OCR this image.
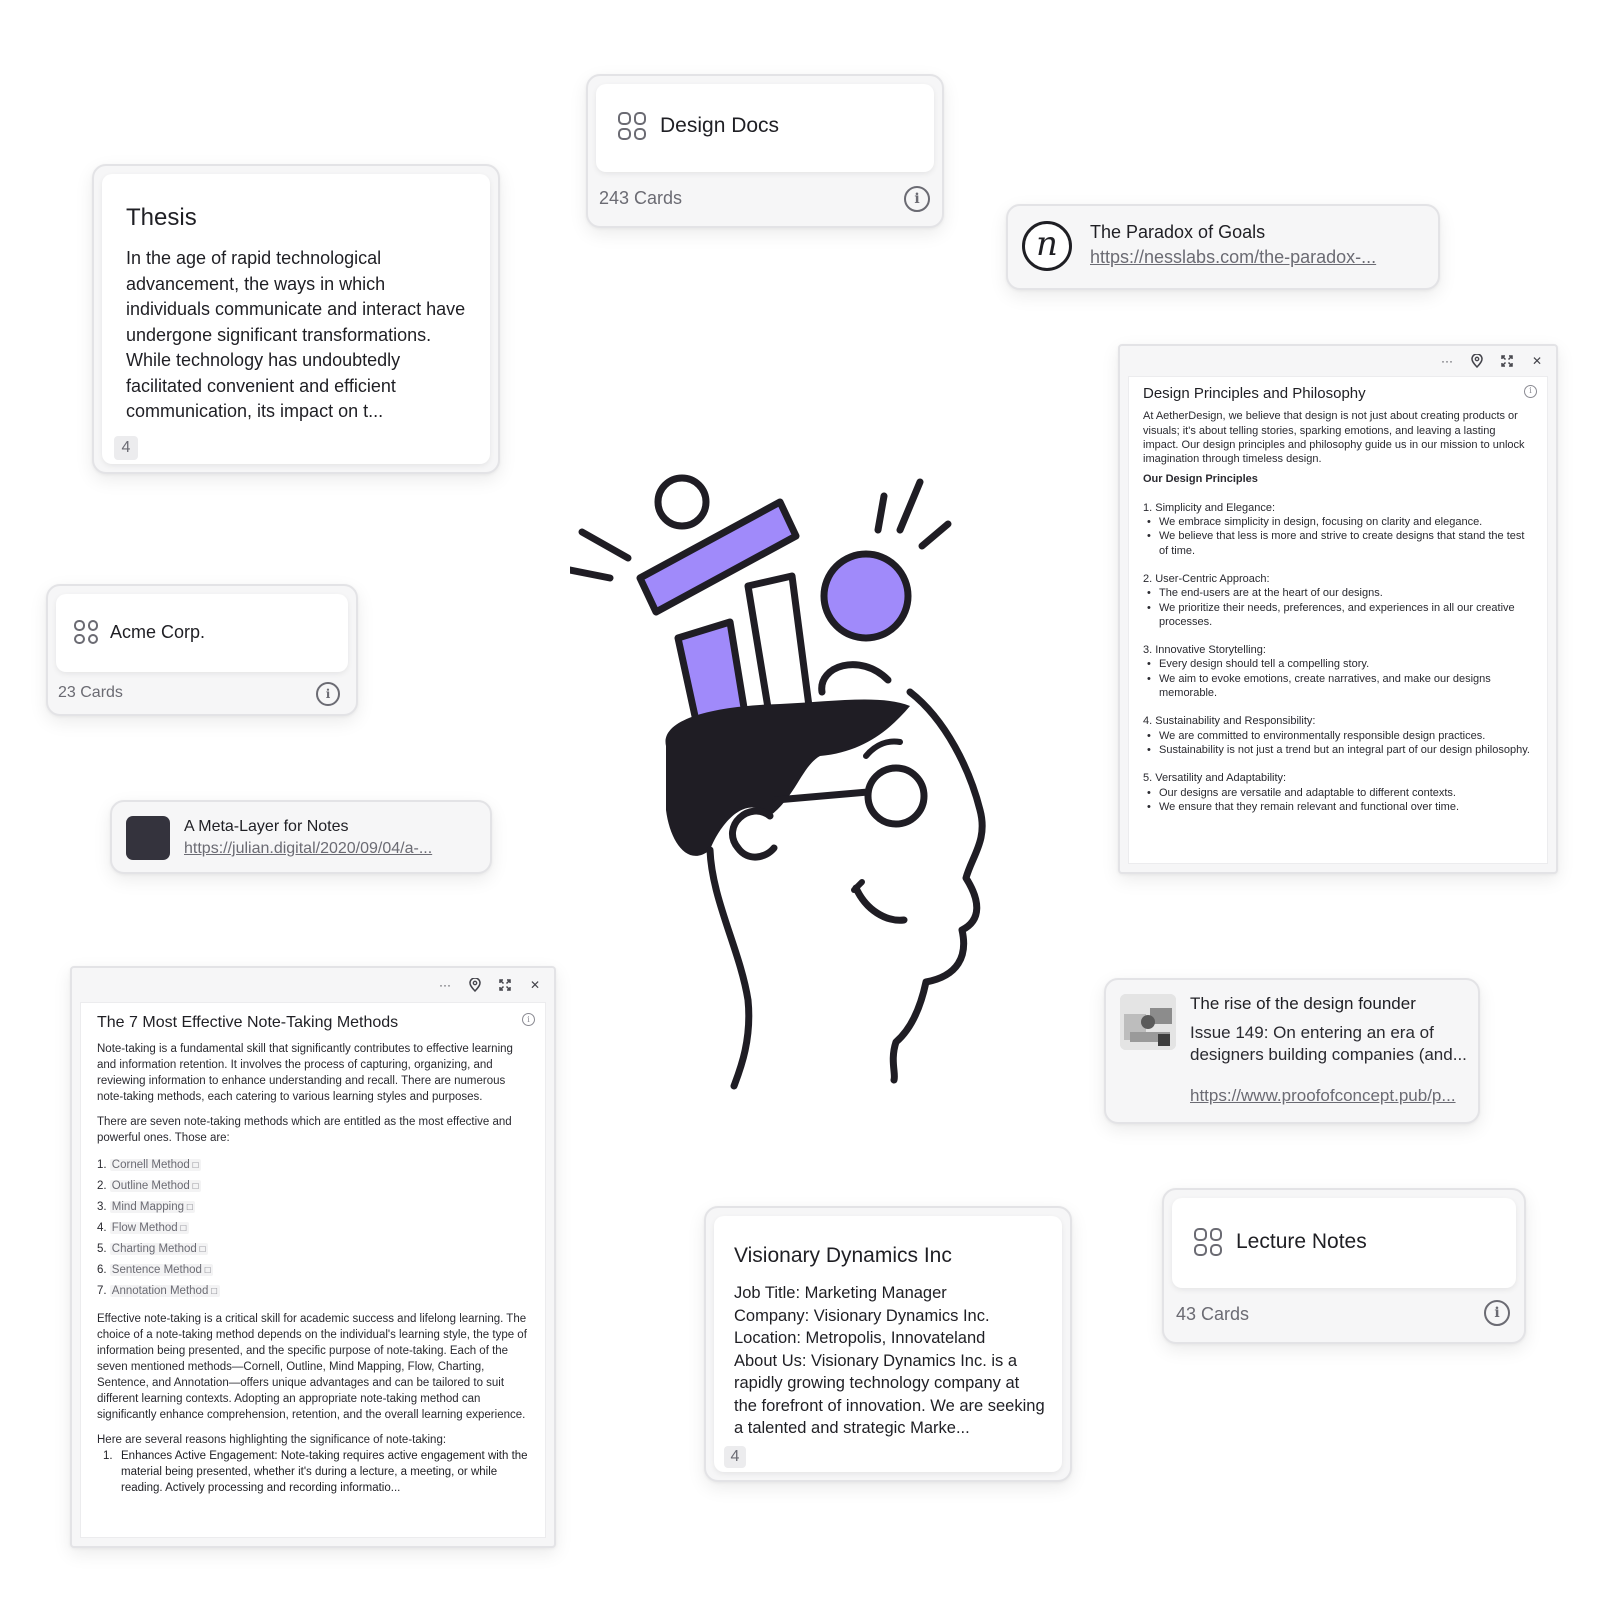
Design Docs
243 Cards	i
Thesis
In the age of rapid technological advancement, the ways in which individuals communicate and interact have undergone significant transformations. While technology has undoubtedly facilitated convenient and efficient communication, its impact on t...
4
n The Paradox of Goals
https://nesslabs.com/the-paradox-...
···	✕
i
Design Principles and Philosophy

At AetherDesign, we believe that design is not just about creating products or visuals; it's about telling stories, sparking emotions, and leaving a lasting impact. Our design principles and philosophy guide us in our mission to unlock imagination through timeless design.

Our Design Principles

1. Simplicity and Elegance:

• We embrace simplicity in design, focusing on clarity and elegance.
• We believe that less is more and strive to create designs that stand the test of time.

2. User-Centric Approach:

• The end-users are at the heart of our designs.
• We prioritize their needs, preferences, and experiences in all our creative processes.

3. Innovative Storytelling:

• Every design should tell a compelling story.
• We aim to evoke emotions, create narratives, and make our designs memorable.

4. Sustainability and Responsibility:

• We are committed to environmentally responsible design practices.
• Sustainability is not just a trend but an integral part of our design philosophy.

5. Versatility and Adaptability:

• Our designs are versatile and adaptable to different contexts.
• We ensure that they remain relevant and functional over time.
Acme Corp.
23 Cards	i
A Meta-Layer for Notes
https://julian.digital/2020/09/04/a-...
···	✕
i
The 7 Most Effective Note-Taking Methods

Note-taking is a fundamental skill that significantly contributes to effective learning and information retention. It involves the process of capturing, organizing, and reviewing information to enhance understanding and recall. There are numerous note-taking methods, each catering to various learning styles and purposes.

There are seven note-taking methods which are entitled as the most effective and powerful ones. Those are:

1. Cornell Method ☐
2. Outline Method ☐
3. Mind Mapping ☐
4. Flow Method ☐
5. Charting Method ☐
6. Sentence Method ☐
7. Annotation Method ☐

Effective note-taking is a critical skill for academic success and lifelong learning. The choice of a note-taking method depends on the individual's learning style, the type of information being presented, and the specific purpose of note-taking. Each of the seven mentioned methods—Cornell, Outline, Mind Mapping, Flow, Charting, Sentence, and Annotation—offers unique advantages and can be tailored to suit different learning contexts. Adopting an appropriate note-taking method can significantly enhance comprehension, retention, and the overall learning experience.

Here are several reasons highlighting the significance of note-taking:

1. Enhances Active Engagement: Note-taking requires active engagement with the material being presented, whether it's during a lecture, a meeting, or while reading. Actively processing and recording informatio...
The rise of the design founder
Issue 149: On entering an era of designers building companies (and...
https://www.proofofconcept.pub/p...
Visionary Dynamics Inc
Job Title: Marketing Manager
Company: Visionary Dynamics Inc.
Location: Metropolis, Innovateland
About Us: Visionary Dynamics Inc. is a rapidly growing technology company at the forefront of innovation. We are seeking a talented and strategic Marke...
4
Lecture Notes
43 Cards	i
